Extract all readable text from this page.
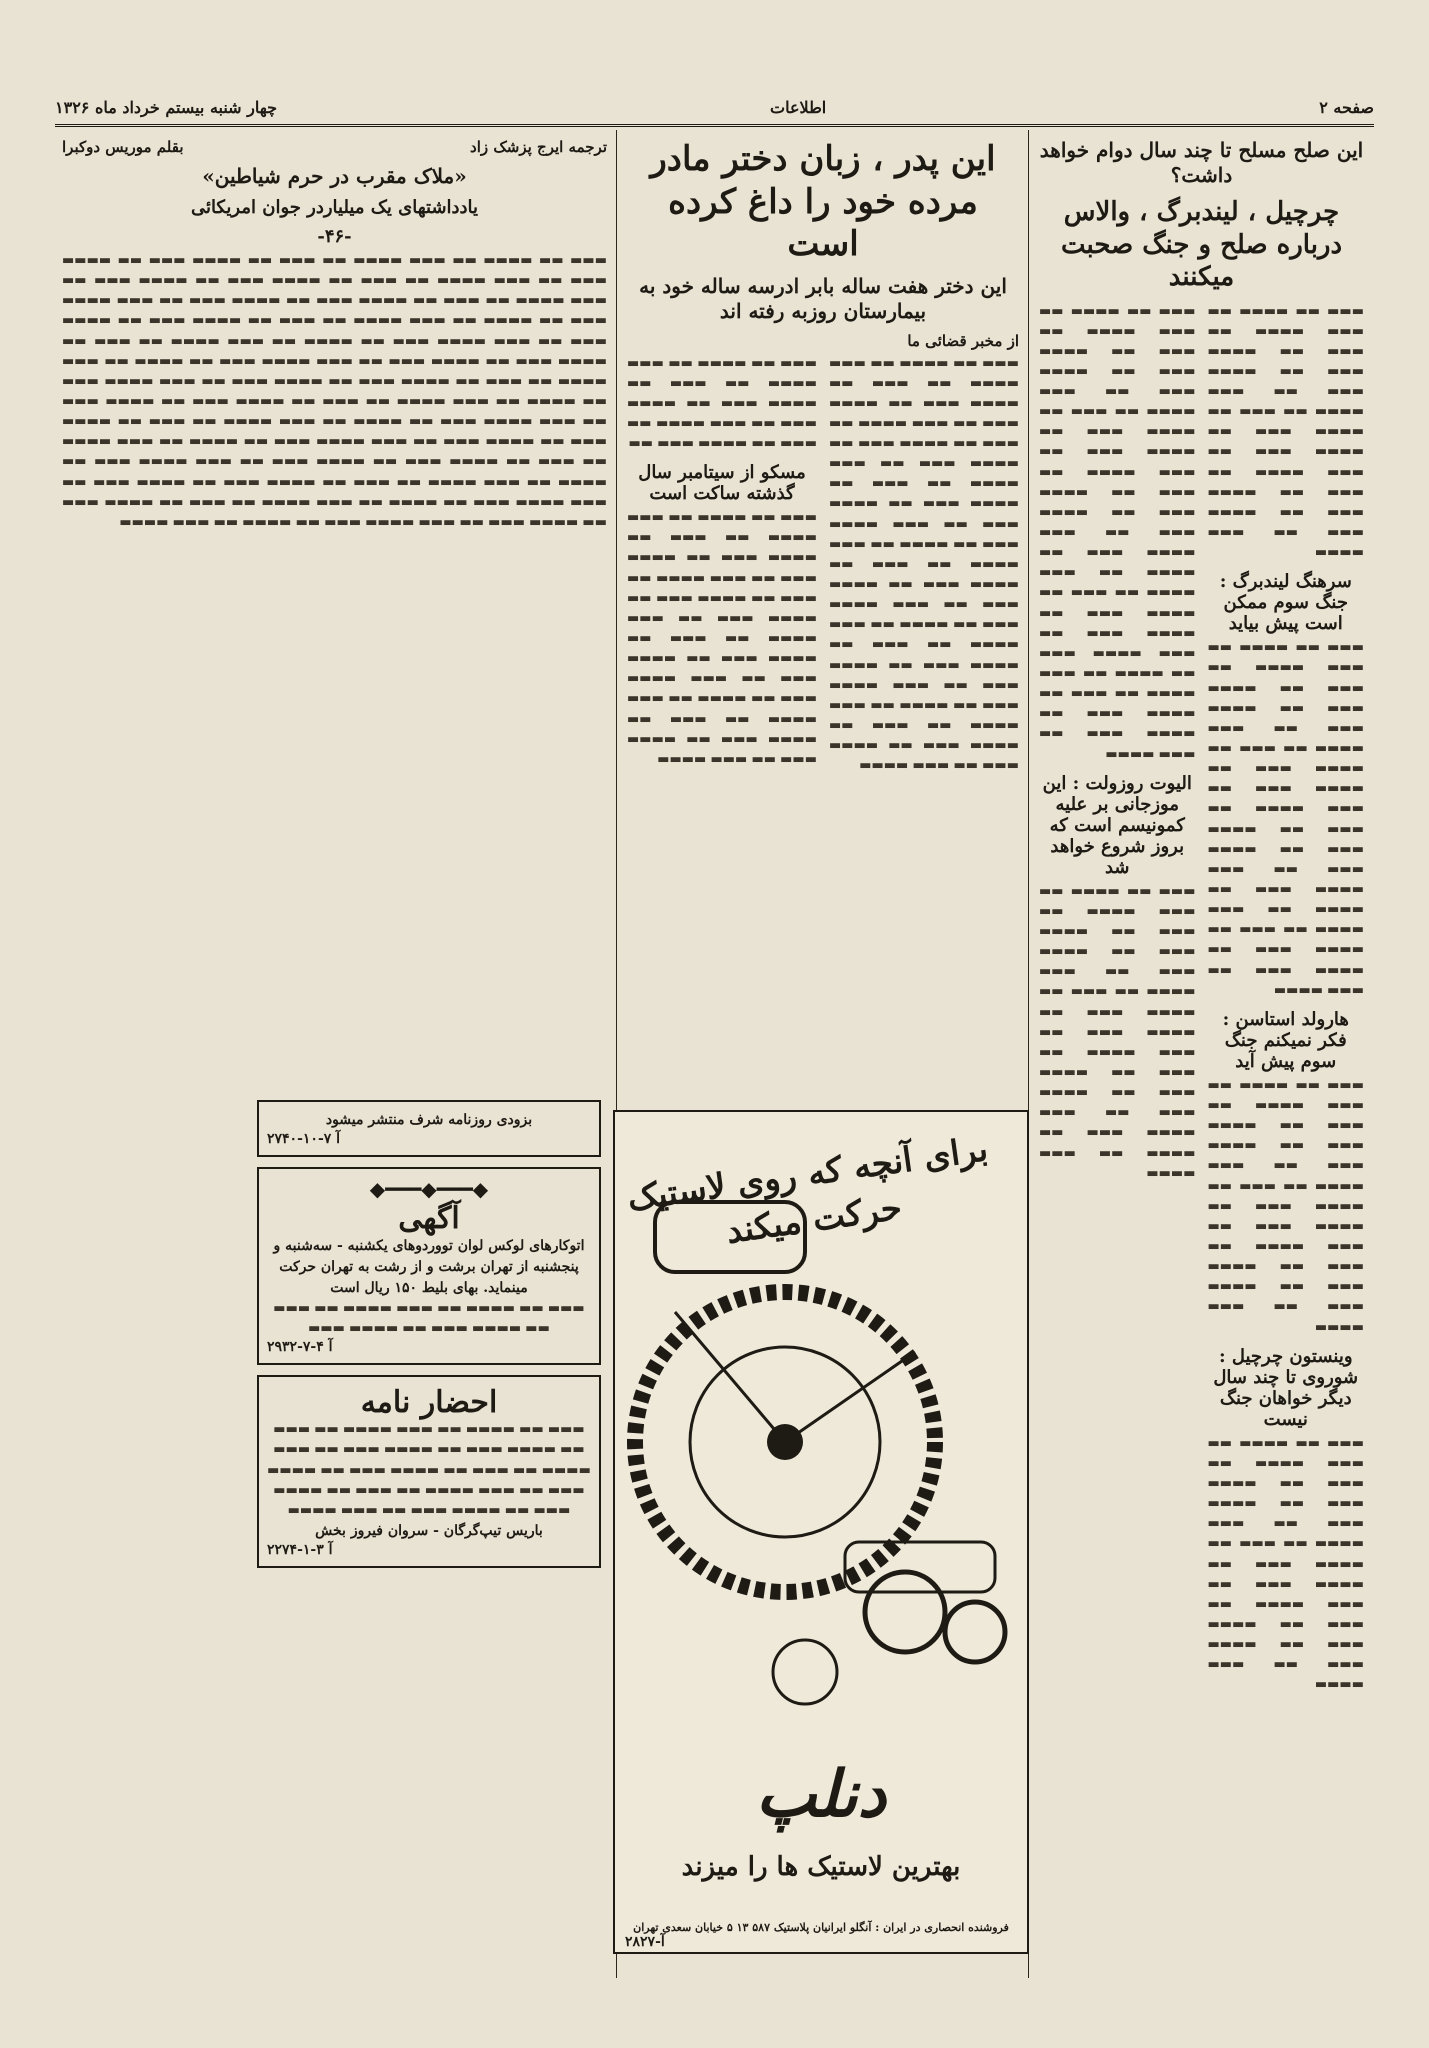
صفحه ۲
اطلاعات
چهار شنبه بیستم خرداد ماه ۱۳۲۶
این صلح مسلح تا چند سال دوام خواهد داشت؟
چرچیل ، لیندبرگ ، والاس درباره صلح و جنگ صحبت میکنند
▬▬▬ ▬▬ ▬▬▬▬ ▬▬ ▬▬▬ ▬▬▬▬ ▬▬ ▬▬▬ ▬▬ ▬▬▬▬ ▬▬▬ ▬▬ ▬▬▬▬ ▬▬▬ ▬▬ ▬▬▬ ▬▬▬▬ ▬▬ ▬▬▬ ▬▬ ▬▬▬▬ ▬▬▬ ▬▬ ▬▬▬▬ ▬▬▬ ▬▬ ▬▬▬ ▬▬▬▬ ▬▬ ▬▬▬ ▬▬ ▬▬▬▬ ▬▬▬ ▬▬ ▬▬▬▬ ▬▬▬ ▬▬ ▬▬▬ ▬▬▬▬
سرهنگ لیندبرگ : جنگ سوم ممکن است پیش بیاید
▬▬▬ ▬▬ ▬▬▬▬ ▬▬ ▬▬▬ ▬▬▬▬ ▬▬ ▬▬▬ ▬▬ ▬▬▬▬ ▬▬▬ ▬▬ ▬▬▬▬ ▬▬▬ ▬▬ ▬▬▬ ▬▬▬▬ ▬▬ ▬▬▬ ▬▬ ▬▬▬▬ ▬▬▬ ▬▬ ▬▬▬▬ ▬▬▬ ▬▬ ▬▬▬ ▬▬▬▬ ▬▬ ▬▬▬ ▬▬ ▬▬▬▬ ▬▬▬ ▬▬ ▬▬▬▬ ▬▬▬ ▬▬ ▬▬▬ ▬▬▬▬ ▬▬▬ ▬▬ ▬▬▬▬ ▬▬ ▬▬▬ ▬▬▬▬ ▬▬ ▬▬▬ ▬▬ ▬▬▬▬ ▬▬▬ ▬▬ ▬▬▬▬ ▬▬▬ ▬▬ ▬▬▬ ▬▬▬▬
هارولد استاسن : فکر نمیکنم جنگ سوم پیش آید
▬▬▬ ▬▬ ▬▬▬▬ ▬▬ ▬▬▬ ▬▬▬▬ ▬▬ ▬▬▬ ▬▬ ▬▬▬▬ ▬▬▬ ▬▬ ▬▬▬▬ ▬▬▬ ▬▬ ▬▬▬ ▬▬▬▬ ▬▬ ▬▬▬ ▬▬ ▬▬▬▬ ▬▬▬ ▬▬ ▬▬▬▬ ▬▬▬ ▬▬ ▬▬▬ ▬▬▬▬ ▬▬ ▬▬▬ ▬▬ ▬▬▬▬ ▬▬▬ ▬▬ ▬▬▬▬ ▬▬▬ ▬▬ ▬▬▬ ▬▬▬▬
وینستون چرچیل : شوروی تا چند سال دیگر خواهان جنگ نیست
▬▬▬ ▬▬ ▬▬▬▬ ▬▬ ▬▬▬ ▬▬▬▬ ▬▬ ▬▬▬ ▬▬ ▬▬▬▬ ▬▬▬ ▬▬ ▬▬▬▬ ▬▬▬ ▬▬ ▬▬▬ ▬▬▬▬ ▬▬ ▬▬▬ ▬▬ ▬▬▬▬ ▬▬▬ ▬▬ ▬▬▬▬ ▬▬▬ ▬▬ ▬▬▬ ▬▬▬▬ ▬▬ ▬▬▬ ▬▬ ▬▬▬▬ ▬▬▬ ▬▬ ▬▬▬▬ ▬▬▬ ▬▬ ▬▬▬ ▬▬▬▬
▬▬▬ ▬▬ ▬▬▬▬ ▬▬ ▬▬▬ ▬▬▬▬ ▬▬ ▬▬▬ ▬▬ ▬▬▬▬ ▬▬▬ ▬▬ ▬▬▬▬ ▬▬▬ ▬▬ ▬▬▬ ▬▬▬▬ ▬▬ ▬▬▬ ▬▬ ▬▬▬▬ ▬▬▬ ▬▬ ▬▬▬▬ ▬▬▬ ▬▬ ▬▬▬ ▬▬▬▬ ▬▬ ▬▬▬ ▬▬ ▬▬▬▬ ▬▬▬ ▬▬ ▬▬▬▬ ▬▬▬ ▬▬ ▬▬▬ ▬▬▬▬ ▬▬▬ ▬▬ ▬▬▬▬ ▬▬ ▬▬▬ ▬▬▬▬ ▬▬ ▬▬▬ ▬▬ ▬▬▬▬ ▬▬▬ ▬▬ ▬▬▬▬ ▬▬▬ ▬▬ ▬▬▬ ▬▬▬▬ ▬▬▬ ▬▬ ▬▬▬▬ ▬▬ ▬▬▬ ▬▬▬▬ ▬▬ ▬▬▬ ▬▬ ▬▬▬▬ ▬▬▬ ▬▬ ▬▬▬▬ ▬▬▬ ▬▬ ▬▬▬ ▬▬▬▬
الیوت روزولت : این موزجانی بر علیه کمونیسم است که بروز شروع خواهد شد
▬▬▬ ▬▬ ▬▬▬▬ ▬▬ ▬▬▬ ▬▬▬▬ ▬▬ ▬▬▬ ▬▬ ▬▬▬▬ ▬▬▬ ▬▬ ▬▬▬▬ ▬▬▬ ▬▬ ▬▬▬ ▬▬▬▬ ▬▬ ▬▬▬ ▬▬ ▬▬▬▬ ▬▬▬ ▬▬ ▬▬▬▬ ▬▬▬ ▬▬ ▬▬▬ ▬▬▬▬ ▬▬ ▬▬▬ ▬▬ ▬▬▬▬ ▬▬▬ ▬▬ ▬▬▬▬ ▬▬▬ ▬▬ ▬▬▬ ▬▬▬▬ ▬▬▬ ▬▬ ▬▬▬▬ ▬▬ ▬▬▬ ▬▬▬▬
این پدر ، زبان دختر مادر مرده خود را داغ کرده است
این دختر هفت ساله بابر ادرسه ساله خود به بیمارستان روزبه رفته اند
از مخبر قضائی ما
▬▬▬ ▬▬ ▬▬▬▬ ▬▬ ▬▬▬ ▬▬▬▬ ▬▬ ▬▬▬ ▬▬ ▬▬▬▬ ▬▬▬ ▬▬ ▬▬▬▬ ▬▬▬ ▬▬ ▬▬▬ ▬▬▬▬ ▬▬ ▬▬▬ ▬▬ ▬▬▬▬ ▬▬▬ ▬▬ ▬▬▬▬ ▬▬▬ ▬▬ ▬▬▬ ▬▬▬▬ ▬▬ ▬▬▬ ▬▬ ▬▬▬▬ ▬▬▬ ▬▬ ▬▬▬▬ ▬▬▬ ▬▬ ▬▬▬ ▬▬▬▬ ▬▬▬ ▬▬ ▬▬▬▬ ▬▬ ▬▬▬ ▬▬▬▬ ▬▬ ▬▬▬ ▬▬ ▬▬▬▬ ▬▬▬ ▬▬ ▬▬▬▬ ▬▬▬ ▬▬ ▬▬▬ ▬▬▬▬ ▬▬▬ ▬▬ ▬▬▬▬ ▬▬ ▬▬▬ ▬▬▬▬ ▬▬ ▬▬▬ ▬▬ ▬▬▬▬ ▬▬▬ ▬▬ ▬▬▬▬ ▬▬▬ ▬▬ ▬▬▬ ▬▬▬▬ ▬▬▬ ▬▬ ▬▬▬▬ ▬▬ ▬▬▬ ▬▬▬▬ ▬▬ ▬▬▬ ▬▬ ▬▬▬▬ ▬▬▬ ▬▬ ▬▬▬▬ ▬▬▬ ▬▬ ▬▬▬ ▬▬▬▬
▬▬▬ ▬▬ ▬▬▬▬ ▬▬ ▬▬▬ ▬▬▬▬ ▬▬ ▬▬▬ ▬▬ ▬▬▬▬ ▬▬▬ ▬▬ ▬▬▬▬ ▬▬▬ ▬▬ ▬▬▬ ▬▬▬▬ ▬▬ ▬▬▬ ▬▬ ▬▬▬▬ ▬▬▬ ▬▬
مسکو از سیتامبر سال گذشته ساکت است
▬▬▬ ▬▬ ▬▬▬▬ ▬▬ ▬▬▬ ▬▬▬▬ ▬▬ ▬▬▬ ▬▬ ▬▬▬▬ ▬▬▬ ▬▬ ▬▬▬▬ ▬▬▬ ▬▬ ▬▬▬ ▬▬▬▬ ▬▬ ▬▬▬ ▬▬ ▬▬▬▬ ▬▬▬ ▬▬ ▬▬▬▬ ▬▬▬ ▬▬ ▬▬▬ ▬▬▬▬ ▬▬ ▬▬▬ ▬▬ ▬▬▬▬ ▬▬▬ ▬▬ ▬▬▬▬ ▬▬▬ ▬▬ ▬▬▬ ▬▬▬▬ ▬▬▬ ▬▬ ▬▬▬▬ ▬▬ ▬▬▬ ▬▬▬▬ ▬▬ ▬▬▬ ▬▬ ▬▬▬▬ ▬▬▬ ▬▬ ▬▬▬▬ ▬▬▬ ▬▬ ▬▬▬ ▬▬▬▬
ترجمه ایرج پزشک زاد
بقلم موریس دوکبرا
«ملاک مقرب در حرم شیاطین»
یادداشتهای یک میلیاردر جوان امریکائی
-۴۶-
▬▬▬ ▬▬ ▬▬▬▬ ▬▬ ▬▬▬ ▬▬▬▬ ▬▬ ▬▬▬ ▬▬ ▬▬▬▬ ▬▬▬ ▬▬ ▬▬▬▬ ▬▬▬ ▬▬ ▬▬▬ ▬▬▬▬ ▬▬ ▬▬▬ ▬▬ ▬▬▬▬ ▬▬▬ ▬▬ ▬▬▬▬ ▬▬▬ ▬▬ ▬▬▬ ▬▬▬▬ ▬▬ ▬▬▬ ▬▬ ▬▬▬▬ ▬▬▬ ▬▬ ▬▬▬▬ ▬▬▬ ▬▬ ▬▬▬ ▬▬▬▬ ▬▬▬ ▬▬ ▬▬▬▬ ▬▬ ▬▬▬ ▬▬▬▬ ▬▬ ▬▬▬ ▬▬ ▬▬▬▬ ▬▬▬ ▬▬ ▬▬▬▬ ▬▬▬ ▬▬ ▬▬▬ ▬▬▬▬ ▬▬▬ ▬▬ ▬▬▬▬ ▬▬ ▬▬▬ ▬▬▬▬ ▬▬ ▬▬▬ ▬▬ ▬▬▬▬ ▬▬▬ ▬▬ ▬▬▬▬ ▬▬▬ ▬▬ ▬▬▬ ▬▬▬▬ ▬▬▬ ▬▬ ▬▬▬▬ ▬▬ ▬▬▬ ▬▬▬▬ ▬▬ ▬▬▬ ▬▬ ▬▬▬▬ ▬▬▬ ▬▬ ▬▬▬▬ ▬▬▬ ▬▬ ▬▬▬ ▬▬▬▬ ▬▬▬ ▬▬ ▬▬▬▬ ▬▬ ▬▬▬ ▬▬▬▬ ▬▬ ▬▬▬ ▬▬ ▬▬▬▬ ▬▬▬ ▬▬ ▬▬▬▬ ▬▬▬ ▬▬ ▬▬▬ ▬▬▬▬ ▬▬▬ ▬▬ ▬▬▬▬ ▬▬ ▬▬▬ ▬▬▬▬ ▬▬ ▬▬▬ ▬▬ ▬▬▬▬ ▬▬▬ ▬▬ ▬▬▬▬ ▬▬▬ ▬▬ ▬▬▬ ▬▬▬▬ ▬▬▬ ▬▬ ▬▬▬▬ ▬▬ ▬▬▬ ▬▬▬▬ ▬▬ ▬▬▬ ▬▬ ▬▬▬▬ ▬▬▬ ▬▬ ▬▬▬▬ ▬▬▬ ▬▬ ▬▬▬ ▬▬▬▬ ▬▬▬ ▬▬ ▬▬▬▬ ▬▬ ▬▬▬ ▬▬▬▬ ▬▬ ▬▬▬ ▬▬ ▬▬▬▬ ▬▬▬ ▬▬ ▬▬▬▬ ▬▬▬ ▬▬ ▬▬▬ ▬▬▬▬ ▬▬▬ ▬▬ ▬▬▬▬ ▬▬ ▬▬▬ ▬▬▬▬ ▬▬ ▬▬▬ ▬▬ ▬▬▬▬ ▬▬▬ ▬▬ ▬▬▬▬ ▬▬▬ ▬▬ ▬▬▬ ▬▬▬▬ ▬▬▬ ▬▬ ▬▬▬▬ ▬▬ ▬▬▬ ▬▬▬▬
بزودی روزنامه شرف منتشر میشود
۲۷۴۰-آ ۷-۱۰
◆━━━◆━━━◆
آگهی
اتوکارهای لوکس لوان تووردوهای یکشنبه - سه‌شنبه و پنجشنبه از تهران برشت و از رشت به تهران حرکت مینماید. بهای بلیط ۱۵۰ ریال است
▬▬▬ ▬▬ ▬▬▬▬ ▬▬ ▬▬▬ ▬▬▬▬ ▬▬ ▬▬▬ ▬▬ ▬▬▬▬ ▬▬▬ ▬▬ ▬▬▬▬ ▬▬▬
۲۹۳۲-آ ۴-۷
احضار نامه
▬▬▬ ▬▬ ▬▬▬▬ ▬▬ ▬▬▬ ▬▬▬▬ ▬▬ ▬▬▬ ▬▬ ▬▬▬▬ ▬▬▬ ▬▬ ▬▬▬▬ ▬▬▬ ▬▬ ▬▬▬ ▬▬▬▬ ▬▬ ▬▬▬ ▬▬ ▬▬▬▬ ▬▬▬ ▬▬ ▬▬▬▬ ▬▬▬ ▬▬ ▬▬▬ ▬▬▬▬ ▬▬ ▬▬▬ ▬▬ ▬▬▬▬ ▬▬▬ ▬▬ ▬▬▬▬ ▬▬▬ ▬▬ ▬▬▬ ▬▬▬▬
باریس تیپ‌گرگان - سروان فیروز بخش
۲۲۷۴-آ ۳-۱
برای آنچه که روی لاستیک حرکت میکند
دنلپ
بهترین لاستیک ها را میزند
فروشنده انحصاری در ایران : آنگلو ایرانیان پلاستیک ۵۸۷ ۱۳ ۵ خیابان سعدی تهران
۲۸۲۷-آ
